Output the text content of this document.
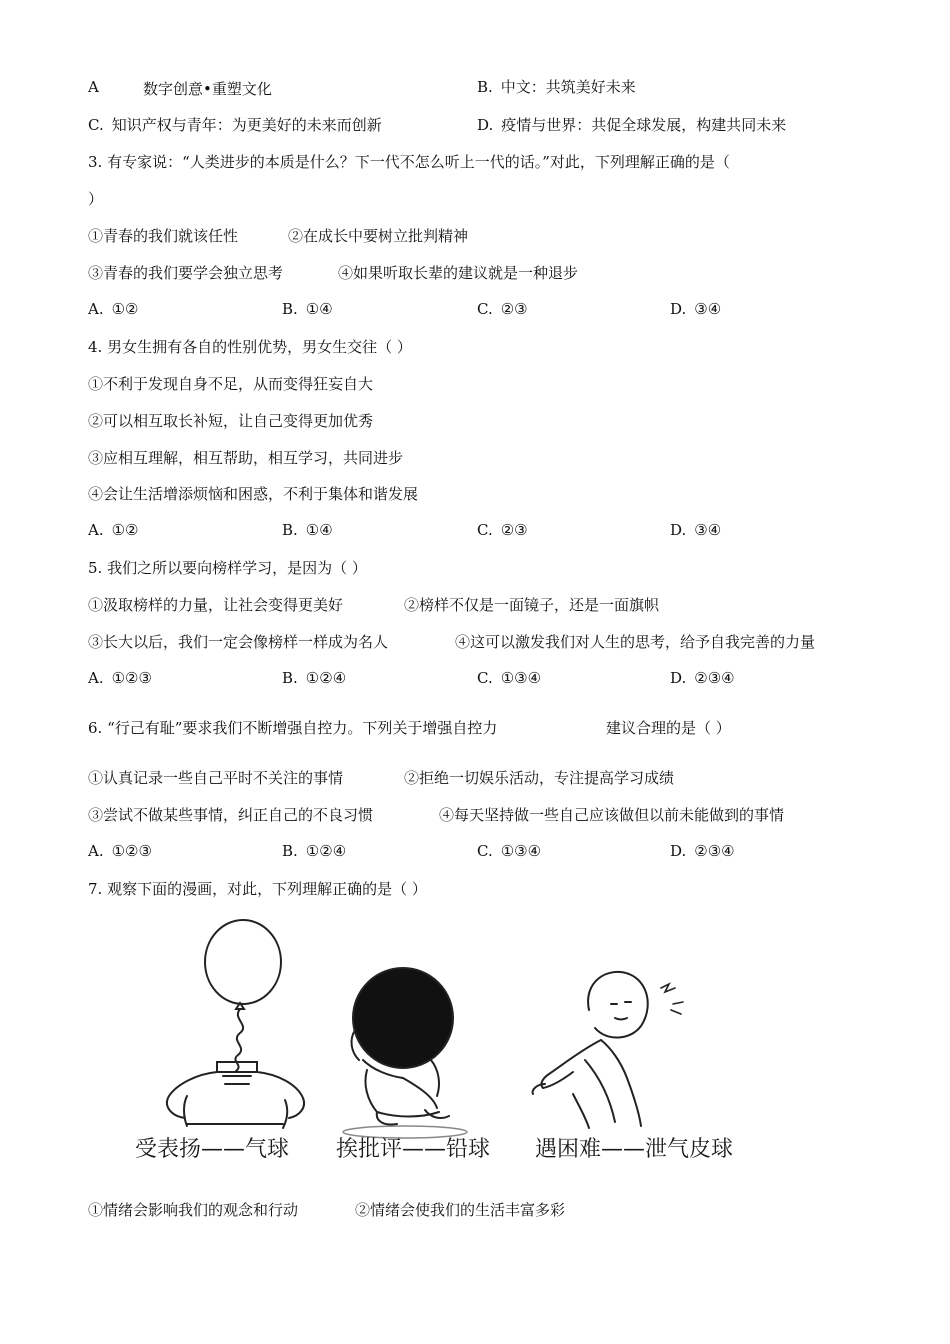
A	数字创意•重塑文化	B. 中文：共筑美好未来
C. 知识产权与青年：为更美好的未来而创新	D. 疫情与世界：共促全球发展，构建共同未来
3. 有专家说：“人类进步的本质是什么？下一代不怎么听上一代的话。”对此，下列理解正确的是（
）
①青春的我们就该任性	②在成长中要树立批判精神
③青春的我们要学会独立思考	④如果听取长辈的建议就是一种退步
A. ①②	B. ①④	C. ②③	D. ③④
4. 男女生拥有各自的性别优势，男女生交往（ ）
①不利于发现自身不足，从而变得狂妄自大
②可以相互取长补短，让自己变得更加优秀
③应相互理解，相互帮助，相互学习，共同进步
④会让生活增添烦恼和困惑，不利于集体和谐发展
A. ①②	B. ①④	C. ②③	D. ③④
5. 我们之所以要向榜样学习，是因为（ ）
①汲取榜样的力量，让社会变得更美好	②榜样不仅是一面镜子，还是一面旗帜
③长大以后，我们一定会像榜样一样成为名人	④这可以激发我们对人生的思考，给予自我完善的力量
A. ①②③	B. ①②④	C. ①③④	D. ②③④
6. “行己有耻”要求我们不断增强自控力。下列关于增强自控力	建议合理的是（ ）
①认真记录一些自己平时不关注的事情	②拒绝一切娱乐活动，专注提高学习成绩
③尝试不做某些事情，纠正自己的不良习惯	④每天坚持做一些自己应该做但以前未能做到的事情
A. ①②③	B. ①②④	C. ①③④	D. ②③④
7. 观察下面的漫画，对此，下列理解正确的是（ ）
受表扬——气球 挨批评——铅球 遇困难——泄气皮球
①情绪会影响我们的观念和行动	②情绪会使我们的生活丰富多彩
